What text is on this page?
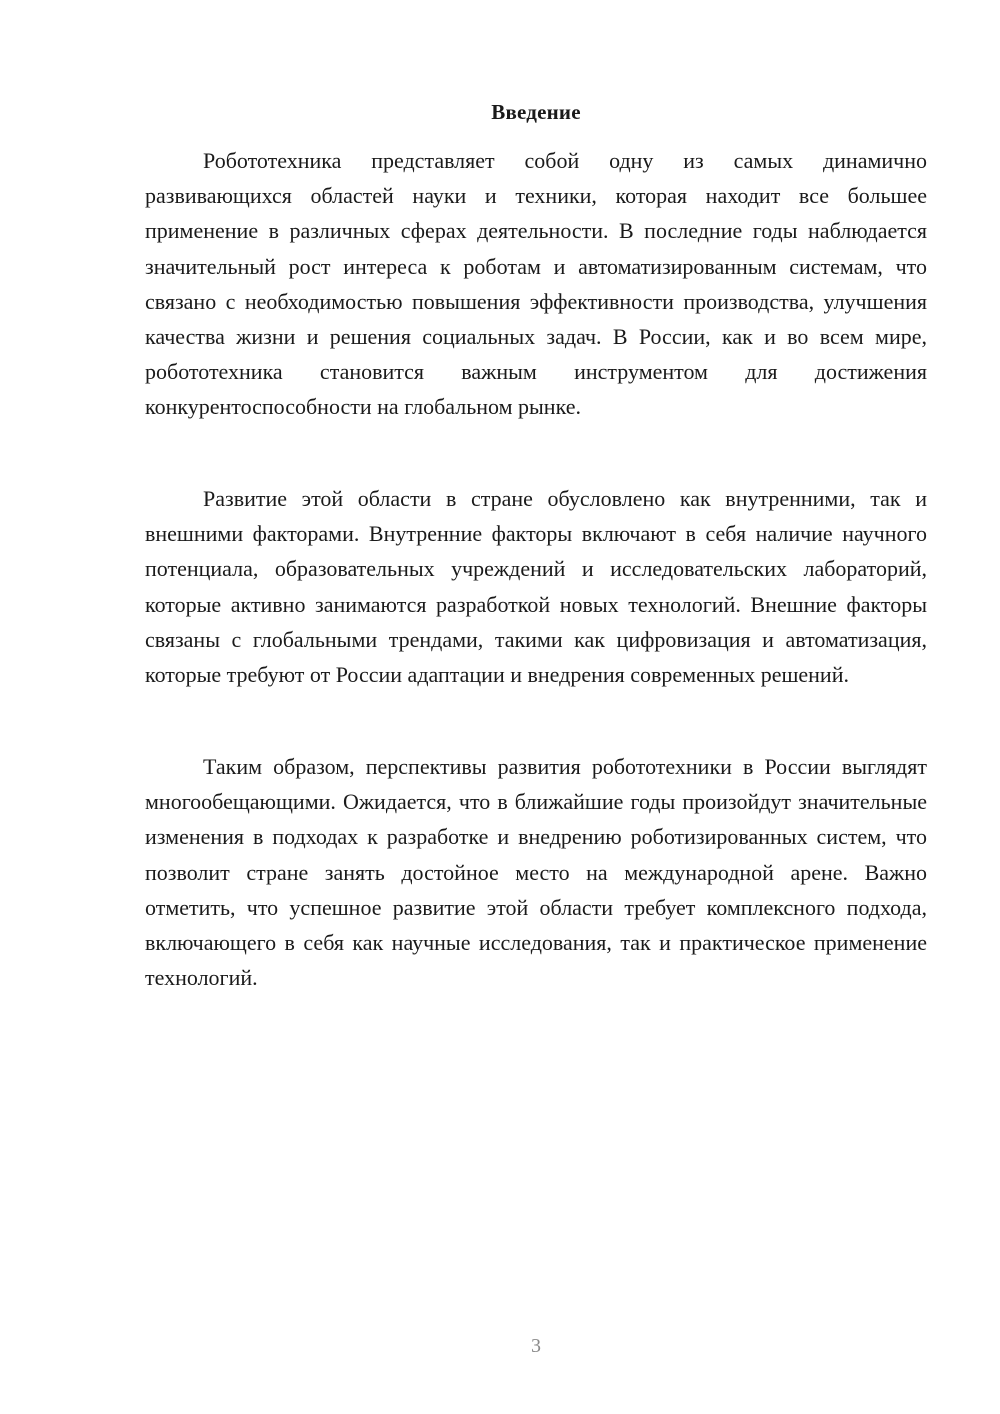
Введение

Робототехника представляет собой одну из самых динамично развивающихся областей науки и техники, которая находит все большее применение в различных сферах деятельности. В последние годы наблюдается значительный рост интереса к роботам и автоматизированным системам, что связано с необходимостью повышения эффективности производства, улучшения качества жизни и решения социальных задач. В России, как и во всем мире, робототехника становится важным инструментом для достижения конкурентоспособности на глобальном рынке.

Развитие этой области в стране обусловлено как внутренними, так и внешними факторами. Внутренние факторы включают в себя наличие научного потенциала, образовательных учреждений и исследовательских лабораторий, которые активно занимаются разработкой новых технологий. Внешние факторы связаны с глобальными трендами, такими как цифровизация и автоматизация, которые требуют от России адаптации и внедрения современных решений.

Таким образом, перспективы развития робототехники в России выглядят многообещающими. Ожидается, что в ближайшие годы произойдут значительные изменения в подходах к разработке и внедрению роботизированных систем, что позволит стране занять достойное место на международной арене. Важно отметить, что успешное развитие этой области требует комплексного подхода, включающего в себя как научные исследования, так и практическое применение технологий.

3
